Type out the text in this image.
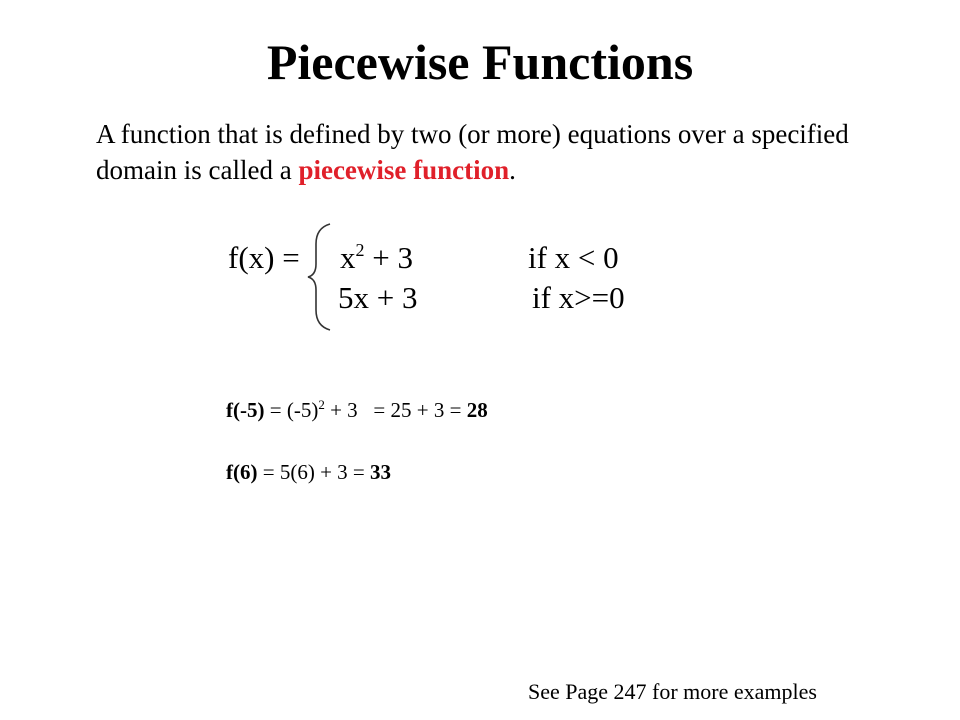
Piecewise Functions

A function that is defined by two (or more) equations over a specified domain is called a piecewise function.

$f(x) = x^2 + 3$	if x < 0
5x + 3	if x>=0
$f(-5) = (-5)^2 + 3 = 25 + 3 = 28$
f(6) = 5(6) + 3 = 33
See Page 247 for more examples
